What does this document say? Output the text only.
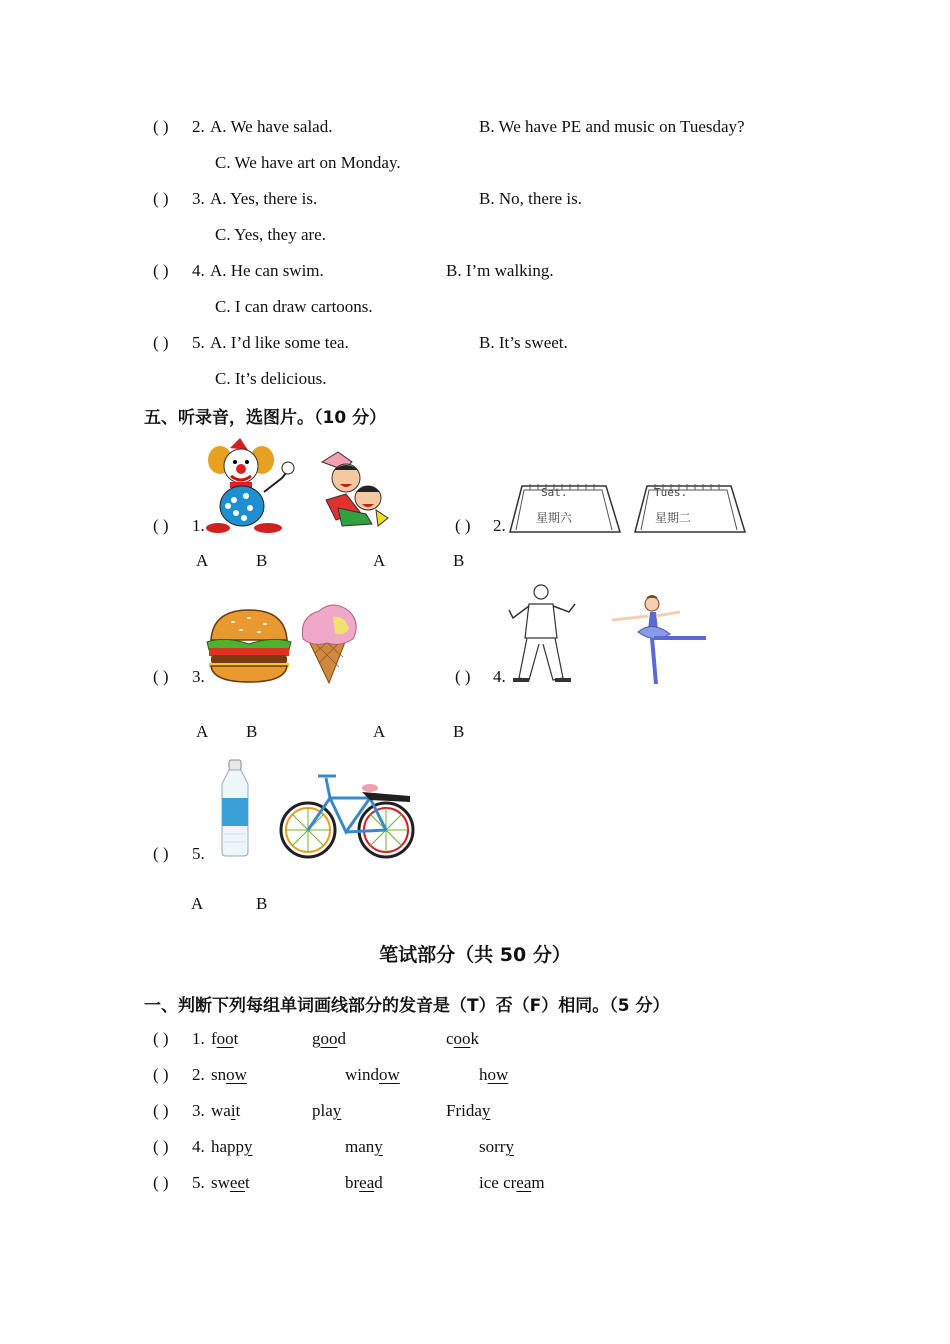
( ) 2. A. We have salad.	B. We have PE and music on Tuesday?
C. We have art on Monday.
( ) 3. A. Yes, there is.	B. No, there is.
C. Yes, they are.
( ) 4. A. He can swim.	B. I’m walking.
C. I can draw cartoons.
( ) 5. A. I’d like some tea.	B. It’s sweet.
C. It’s delicious.
五、听录音，选图片。（10 分）
( ) 1.
A	B
( ) 2.
Sat.
星期六
Tues.
星期二
A	B
( ) 3.
A B
( ) 4.
A	B
( ) 5.
A	B
笔试部分（共 50 分）
一、判断下列每组单词画线部分的发音是（T）否（F）相同。（5 分）
( ) 1. foot	good	cook
( ) 2. snow	window	how
( ) 3. wait	play	Friday
( ) 4. happy	many	sorry
( ) 5. sweet	bread	ice cream
